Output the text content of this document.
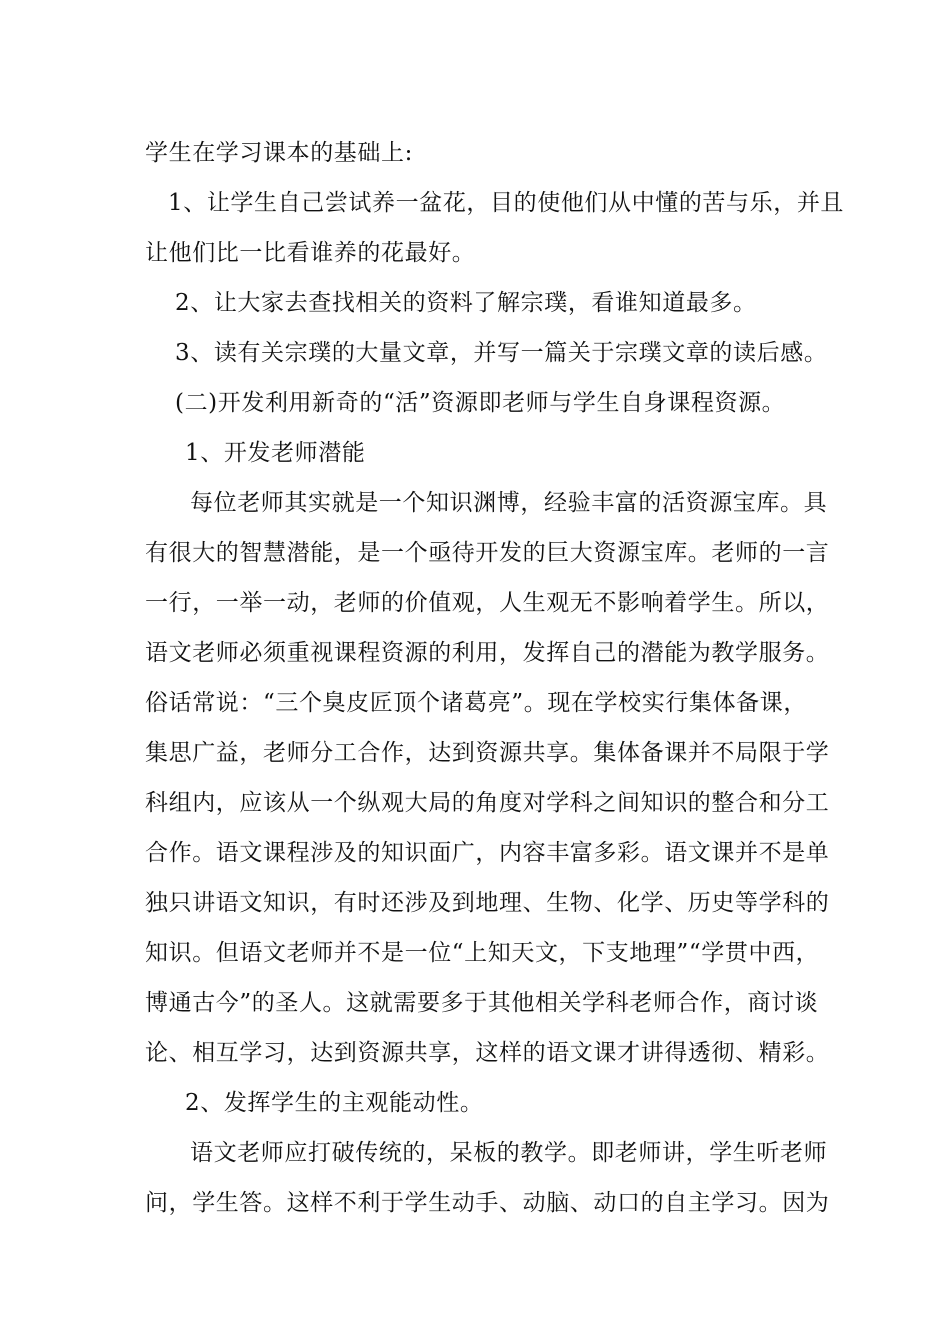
学生在学习课本的基础上:
1、让学生自己尝试养一盆花，目的使他们从中懂的苦与乐，并且
让他们比一比看谁养的花最好。
2、让大家去查找相关的资料了解宗璞，看谁知道最多。
3、读有关宗璞的大量文章，并写一篇关于宗璞文章的读后感。
(二)开发利用新奇的“活”资源即老师与学生自身课程资源。
1、开发老师潜能
每位老师其实就是一个知识渊博，经验丰富的活资源宝库。具
有很大的智慧潜能，是一个亟待开发的巨大资源宝库。老师的一言
一行，一举一动，老师的价值观，人生观无不影响着学生。所以，
语文老师必须重视课程资源的利用，发挥自己的潜能为教学服务。
俗话常说：“三个臭皮匠顶个诸葛亮”。现在学校实行集体备课，
集思广益，老师分工合作，达到资源共享。集体备课并不局限于学
科组内，应该从一个纵观大局的角度对学科之间知识的整合和分工
合作。语文课程涉及的知识面广，内容丰富多彩。语文课并不是单
独只讲语文知识，有时还涉及到地理、生物、化学、历史等学科的
知识。但语文老师并不是一位“上知天文，下支地理”“学贯中西，
博通古今”的圣人。这就需要多于其他相关学科老师合作，商讨谈
论、相互学习，达到资源共享，这样的语文课才讲得透彻、精彩。
2、发挥学生的主观能动性。
语文老师应打破传统的，呆板的教学。即老师讲，学生听老师
问，学生答。这样不利于学生动手、动脑、动口的自主学习。因为
